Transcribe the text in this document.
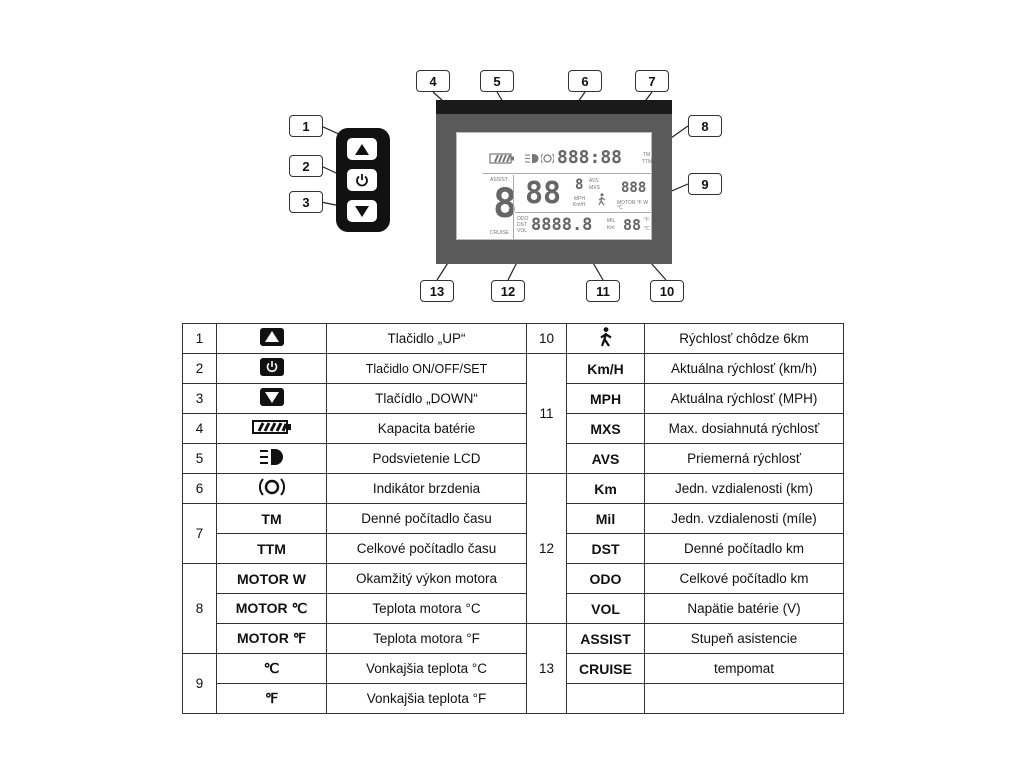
1
2
3
4	5	6	7
8
9
10
11
12
13
888:88	TM
TTM
ASSIST
8
CRUISE
88 8 AVS
MXS
MPH
Km/H
888
MOTOR °F W °C
ODO
DST
VOL 8888.8	MIL
Km 88 °F
°C
1		Tlačidlo „UP“	10		Rýchlosť chôdze 6km
2		Tlačidlo ON/OFF/SET	11	Km/H	Aktuálna rýchlosť (km/h)
3		Tlačídlo „DOWN“		MPH	Aktuálna rýchlosť (MPH)
4		Kapacita batérie		MXS	Max. dosiahnutá rýchlosť
5		Podsvietenie LCD		AVS	Priemerná rýchlosť
6		Indikátor brzdenia	12	Km	Jedn. vzdialenosti (km)
7	TM	Denné počítadlo času		Mil	Jedn. vzdialenosti (míle)
	TTM	Celkové počítadlo času		DST	Denné počítadlo km
8	MOTOR W	Okamžitý výkon motora		ODO	Celkové počítadlo km
	MOTOR ℃	Teplota motora °C		VOL	Napätie batérie (V)
	MOTOR ℉	Teplota motora °F	13	ASSIST	Stupeň asistencie
9	℃	Vonkajšia teplota °C		CRUISE	tempomat
	℉	Vonkajšia teplota °F			
